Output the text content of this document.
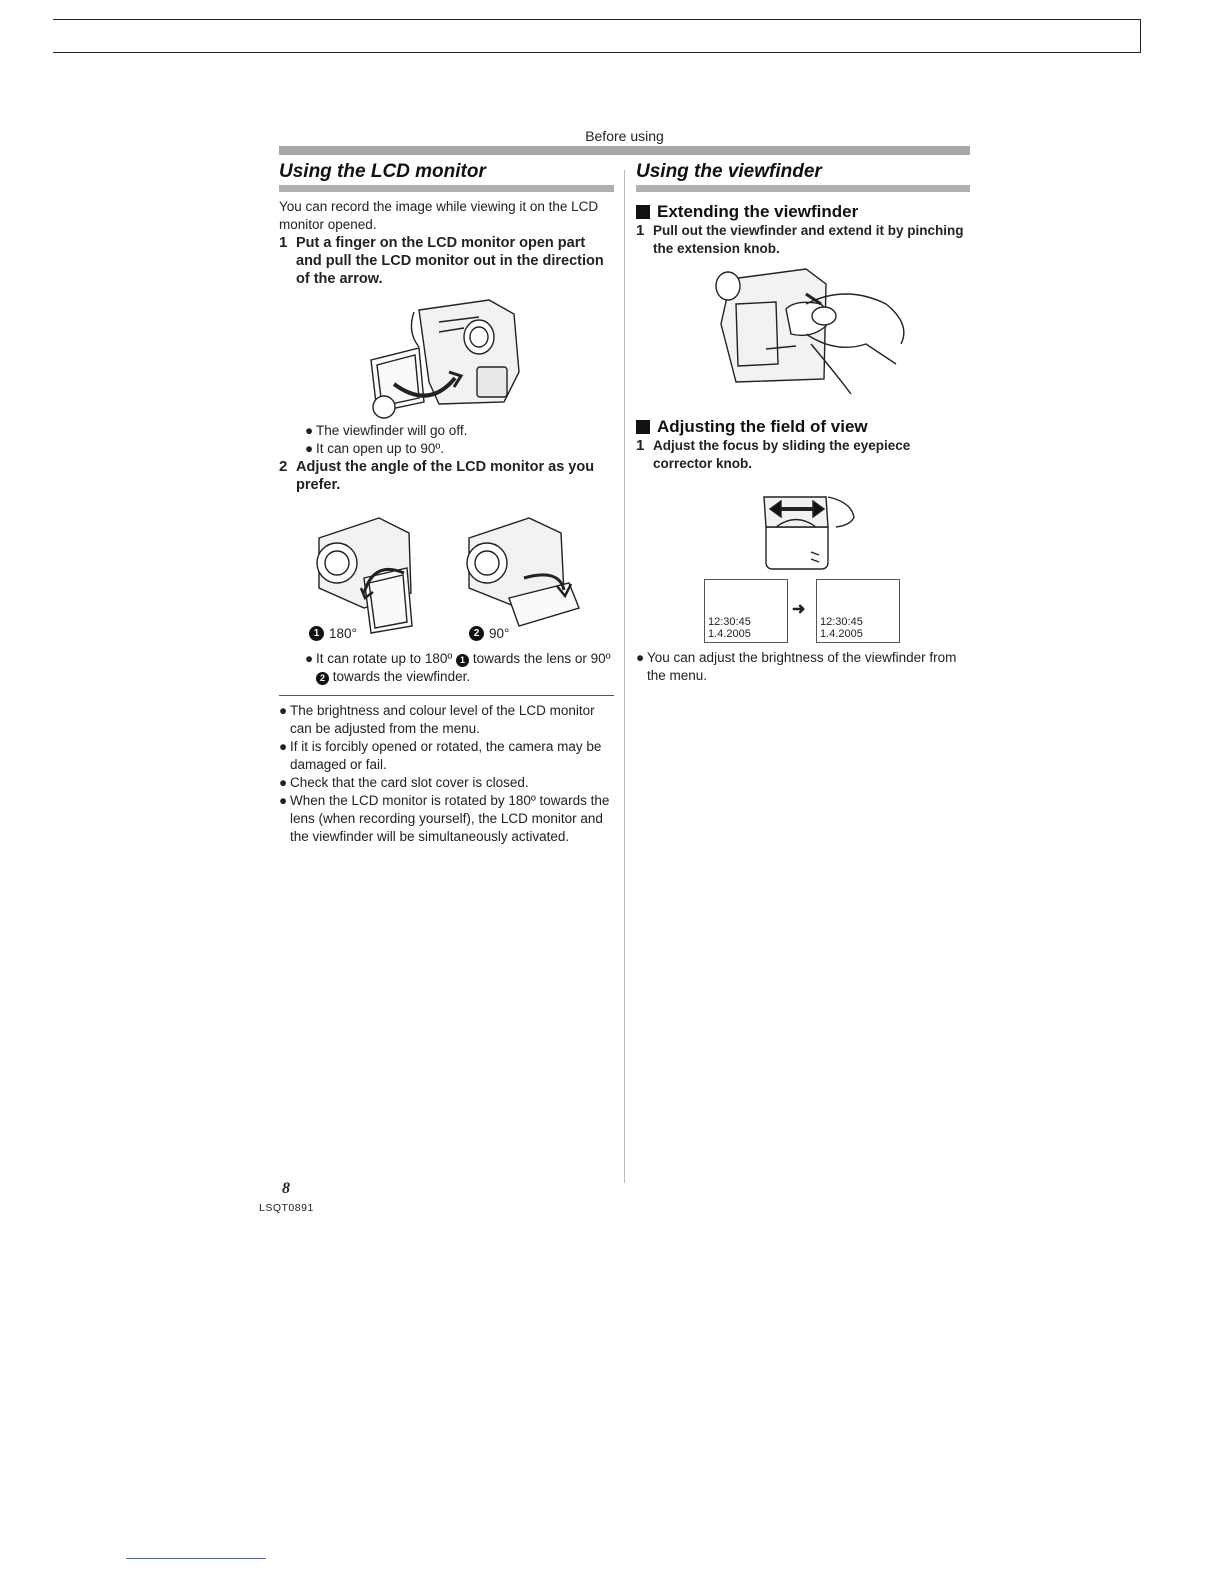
Before using
Using the LCD monitor

You can record the image while viewing it on the LCD monitor opened.

1 Put a finger on the LCD monitor open part and pull the LCD monitor out in the direction of the arrow.
● The viewfinder will go off.
● It can open up to 90º.
2 Adjust the angle of the LCD monitor as you prefer.
1 180°	2 90°
● It can rotate up to 180º 1 towards the lens or 90º 2 towards the viewfinder.
● The brightness and colour level of the LCD monitor can be adjusted from the menu.
● If it is forcibly opened or rotated, the camera may be damaged or fail.
● Check that the card slot cover is closed.
● When the LCD monitor is rotated by 180º towards the lens (when recording yourself), the LCD monitor and the viewfinder will be simultaneously activated.
Using the viewfinder
Extending the viewfinder
1 Pull out the viewfinder and extend it by pinching the extension knob.
Adjusting the field of view
1 Adjust the focus by sliding the eyepiece corrector knob.
12:30:45
1.4.2005
➜
12:30:45
1.4.2005
● You can adjust the brightness of the viewfinder from the menu.
8
LSQT0891
